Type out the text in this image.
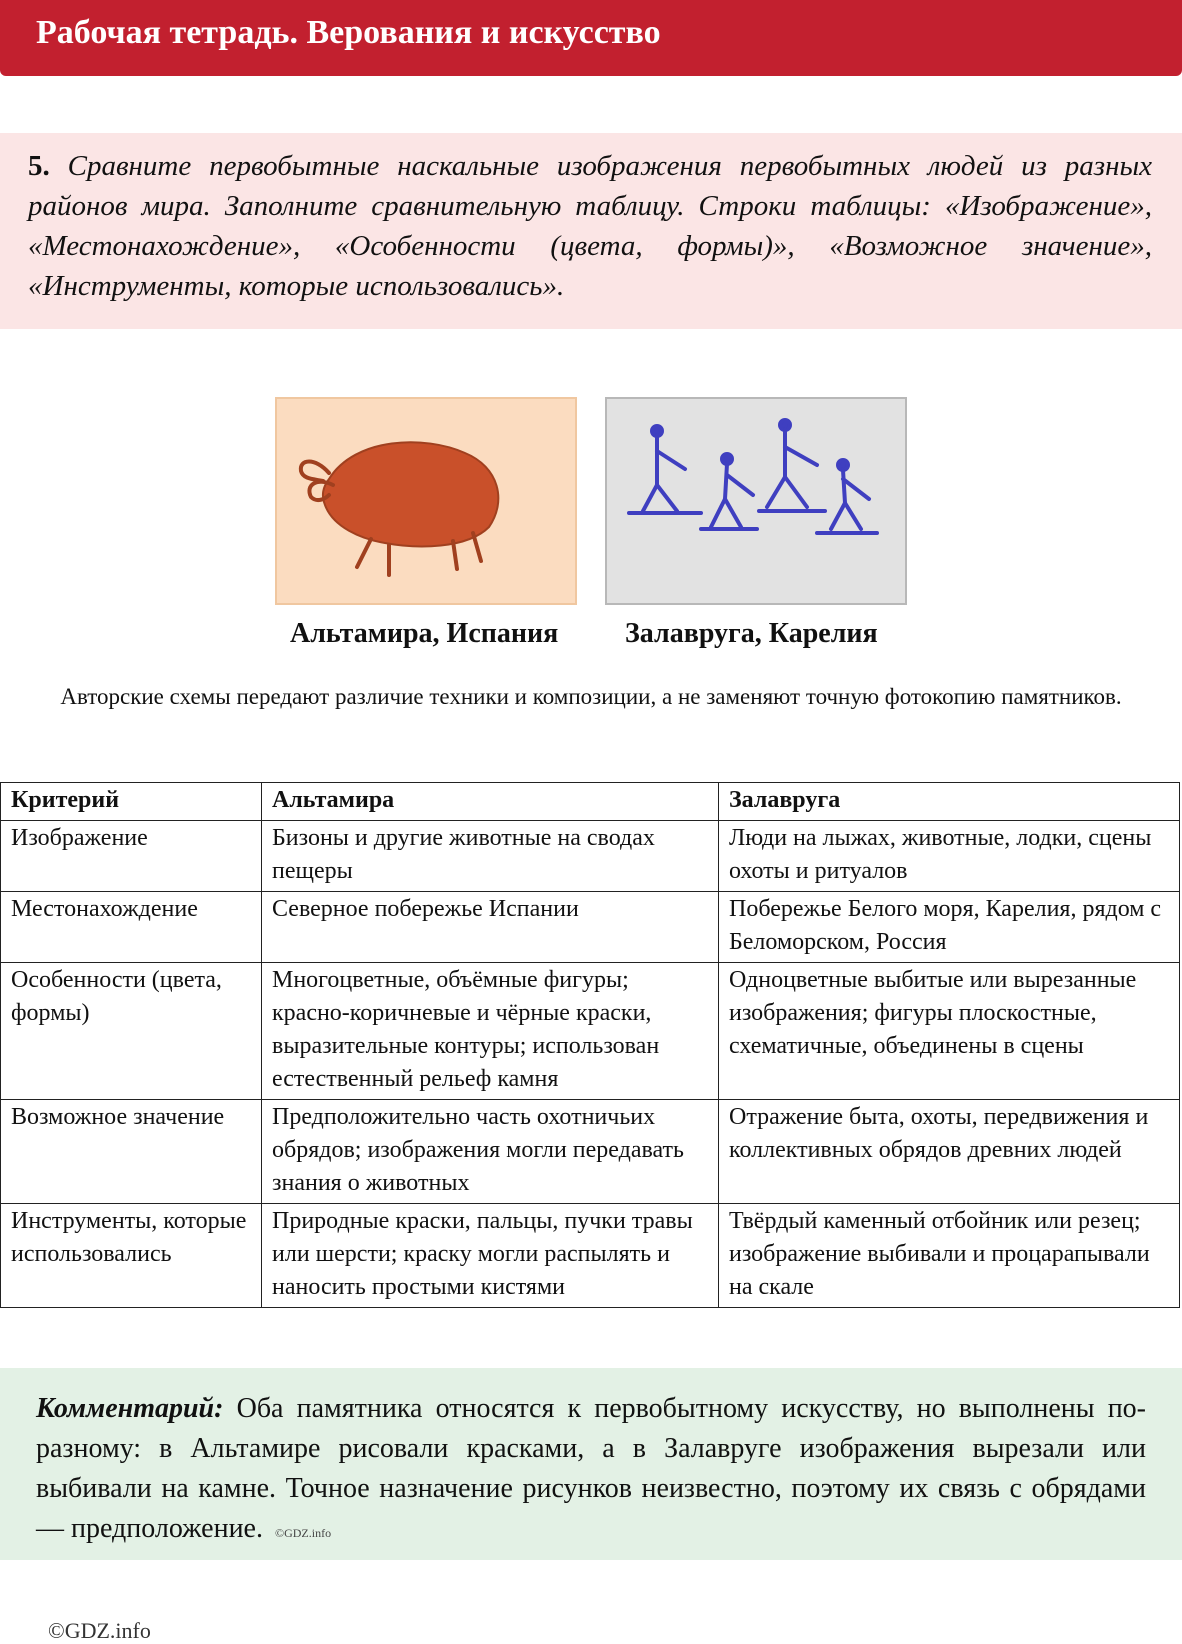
Рабочая тетрадь. Верования и искусство
5. Сравните первобытные наскальные изображения первобытных людей из разных районов мира. Заполните сравнительную таблицу. Строки таблицы: «Изображение», «Местонахождение», «Особенности (цвета, формы)», «Возможное значение», «Инструменты, которые использовались».
Альтамира, Испания Залавруга, Карелия
Авторские схемы передают различие техники и композиции, а не заменяют точную фотокопию памятников.
Критерий	Альтамира	Залавруга
Изображение	Бизоны и другие животные на сводах пещеры	Люди на лыжах, животные, лодки, сцены охоты и ритуалов
Местонахождение	Северное побережье Испании	Побережье Белого моря, Карелия, рядом с Беломорском, Россия
Особенности (цвета, формы)	Многоцветные, объёмные фигуры; красно-коричневые и чёрные краски, выразительные контуры; использован естественный рельеф камня	Одноцветные выбитые или вырезанные изображения; фигуры плоскостные, схематичные, объединены в сцены
Возможное значение	Предположительно часть охотничьих обрядов; изображения могли передавать знания о животных	Отражение быта, охоты, передвижения и коллективных обрядов древних людей
Инструменты, которые использовались	Природные краски, пальцы, пучки травы или шерсти; краску могли распылять и наносить простыми кистями	Твёрдый каменный отбойник или резец; изображение выбивали и процарапывали на скале
Комментарий: Оба памятника относятся к первобытному искусству, но выполнены по-разному: в Альтамире рисовали красками, а в Залавруге изображения вырезали или выбивали на камне. Точное назначение рисунков неизвестно, поэтому их связь с обрядами — предположение. ©GDZ.info
©GDZ.info
